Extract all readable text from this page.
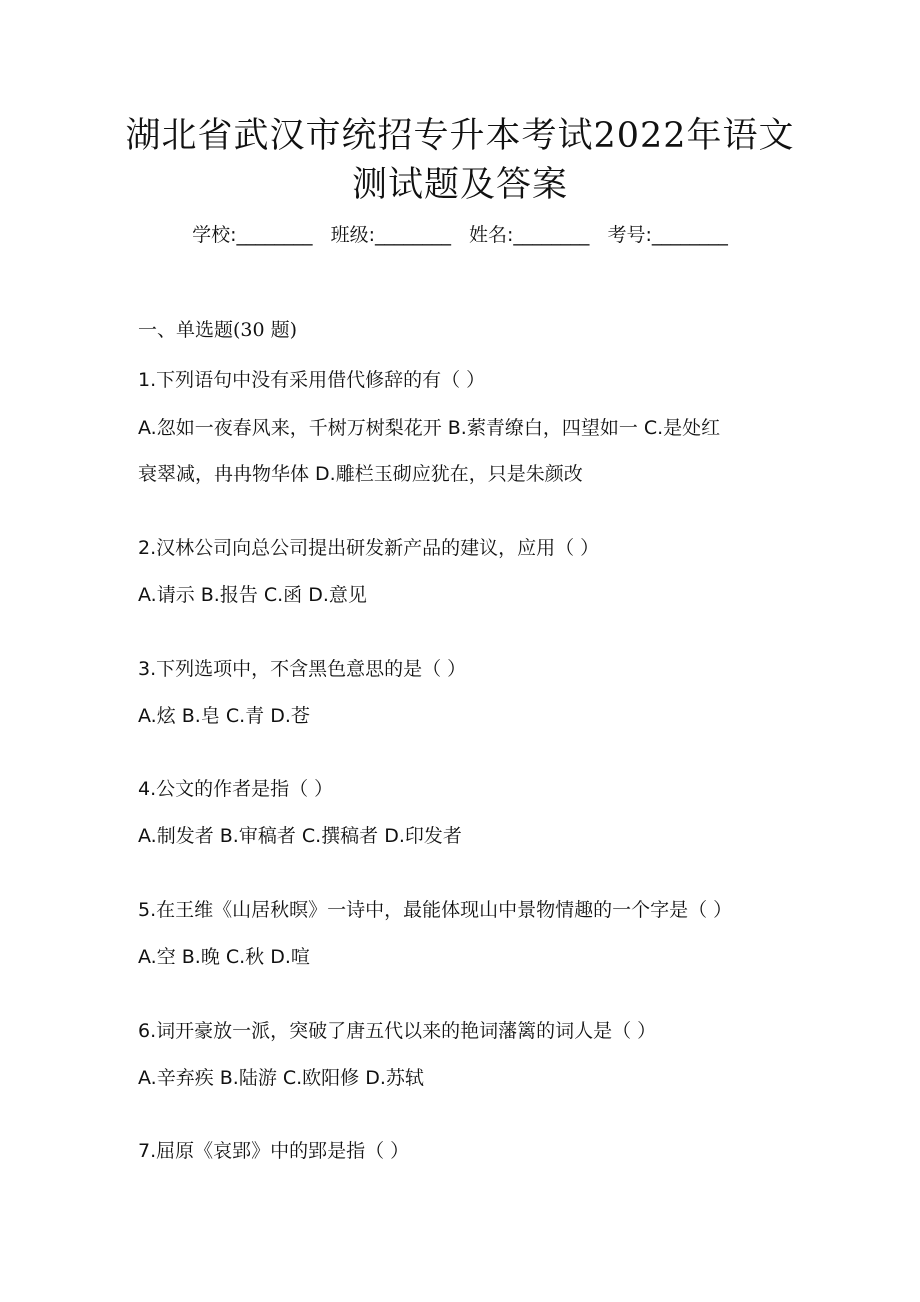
湖北省武汉市统招专升本考试2022年语文
测试题及答案
学校:________ 班级:________ 姓名:________ 考号:________
一、单选题(30 题)
1.下列语句中没有采用借代修辞的有（ ）
A.忽如一夜春风来，千树万树梨花开 B.萦青缭白，四望如一 C.是处红
衰翠减，冉冉物华体 D.雕栏玉砌应犹在，只是朱颜改
2.汉林公司向总公司提出研发新产品的建议，应用（ ）
A.请示 B.报告 C.函 D.意见
3.下列选项中，不含黑色意思的是（ ）
A.炫 B.皂 C.青 D.苍
4.公文的作者是指（ ）
A.制发者 B.审稿者 C.撰稿者 D.印发者
5.在王维《山居秋暝》一诗中，最能体现山中景物情趣的一个字是（ ）
A.空 B.晚 C.秋 D.喧
6.词开豪放一派，突破了唐五代以来的艳词藩篱的词人是（ ）
A.辛弃疾 B.陆游 C.欧阳修 D.苏轼
7.屈原《哀郢》中的郢是指（ ）
